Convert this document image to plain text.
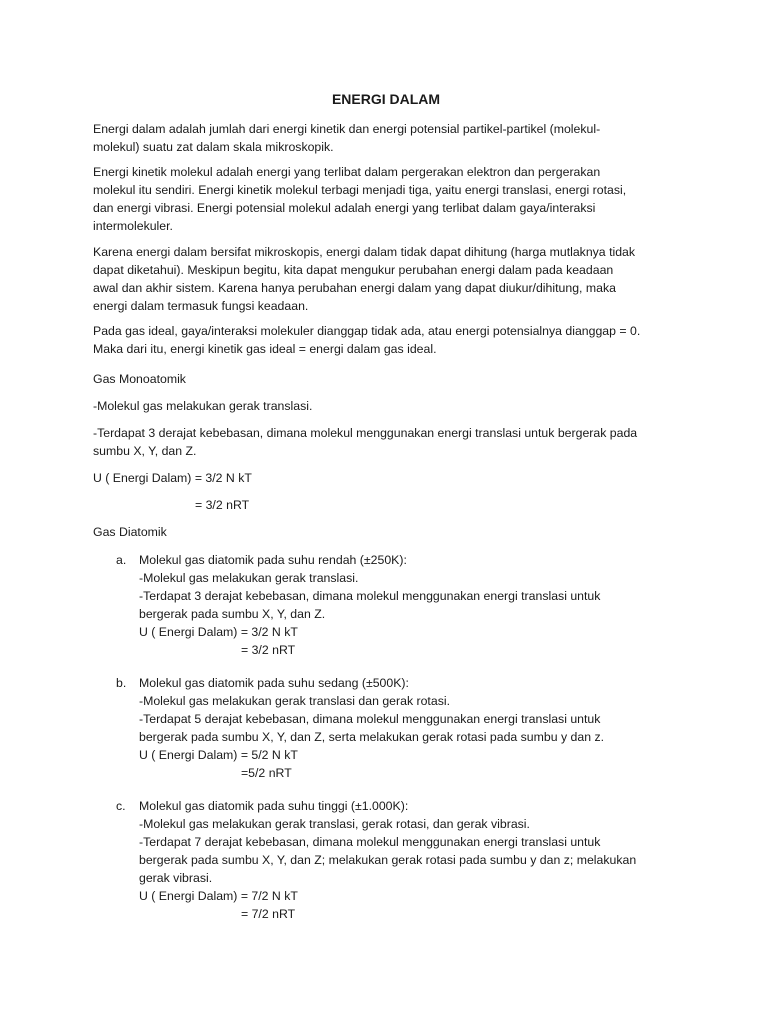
ENERGI DALAM
Energi dalam adalah jumlah dari energi kinetik dan energi potensial partikel-partikel (molekul-
molekul) suatu zat dalam skala mikroskopik.
Energi kinetik molekul adalah energi yang terlibat dalam pergerakan elektron dan pergerakan
molekul itu sendiri. Energi kinetik molekul terbagi menjadi tiga, yaitu energi translasi, energi rotasi,
dan energi vibrasi. Energi potensial molekul adalah energi yang terlibat dalam gaya/interaksi
intermolekuler.
Karena energi dalam bersifat mikroskopis, energi dalam tidak dapat dihitung (harga mutlaknya tidak
dapat diketahui). Meskipun begitu, kita dapat mengukur perubahan energi dalam pada keadaan
awal dan akhir sistem. Karena hanya perubahan energi dalam yang dapat diukur/dihitung, maka
energi dalam termasuk fungsi keadaan.
Pada gas ideal, gaya/interaksi molekuler dianggap tidak ada, atau energi potensialnya dianggap = 0.
Maka dari itu, energi kinetik gas ideal = energi dalam gas ideal.
Gas Monoatomik
-Molekul gas melakukan gerak translasi.
-Terdapat 3 derajat kebebasan, dimana molekul menggunakan energi translasi untuk bergerak pada
sumbu X, Y, dan Z.
U ( Energi Dalam) = 3/2 N kT
= 3/2 nRT
Gas Diatomik
a. Molekul gas diatomik pada suhu rendah (±250K):
-Molekul gas melakukan gerak translasi.
-Terdapat 3 derajat kebebasan, dimana molekul menggunakan energi translasi untuk
bergerak pada sumbu X, Y, dan Z.
U ( Energi Dalam) = 3/2 N kT
= 3/2 nRT
b. Molekul gas diatomik pada suhu sedang (±500K):
-Molekul gas melakukan gerak translasi dan gerak rotasi.
-Terdapat 5 derajat kebebasan, dimana molekul menggunakan energi translasi untuk
bergerak pada sumbu X, Y, dan Z, serta melakukan gerak rotasi pada sumbu y dan z.
U ( Energi Dalam) = 5/2 N kT
=5/2 nRT
c. Molekul gas diatomik pada suhu tinggi (±1.000K):
-Molekul gas melakukan gerak translasi, gerak rotasi, dan gerak vibrasi.
-Terdapat 7 derajat kebebasan, dimana molekul menggunakan energi translasi untuk
bergerak pada sumbu X, Y, dan Z; melakukan gerak rotasi pada sumbu y dan z; melakukan
gerak vibrasi.
U ( Energi Dalam) = 7/2 N kT
= 7/2 nRT
